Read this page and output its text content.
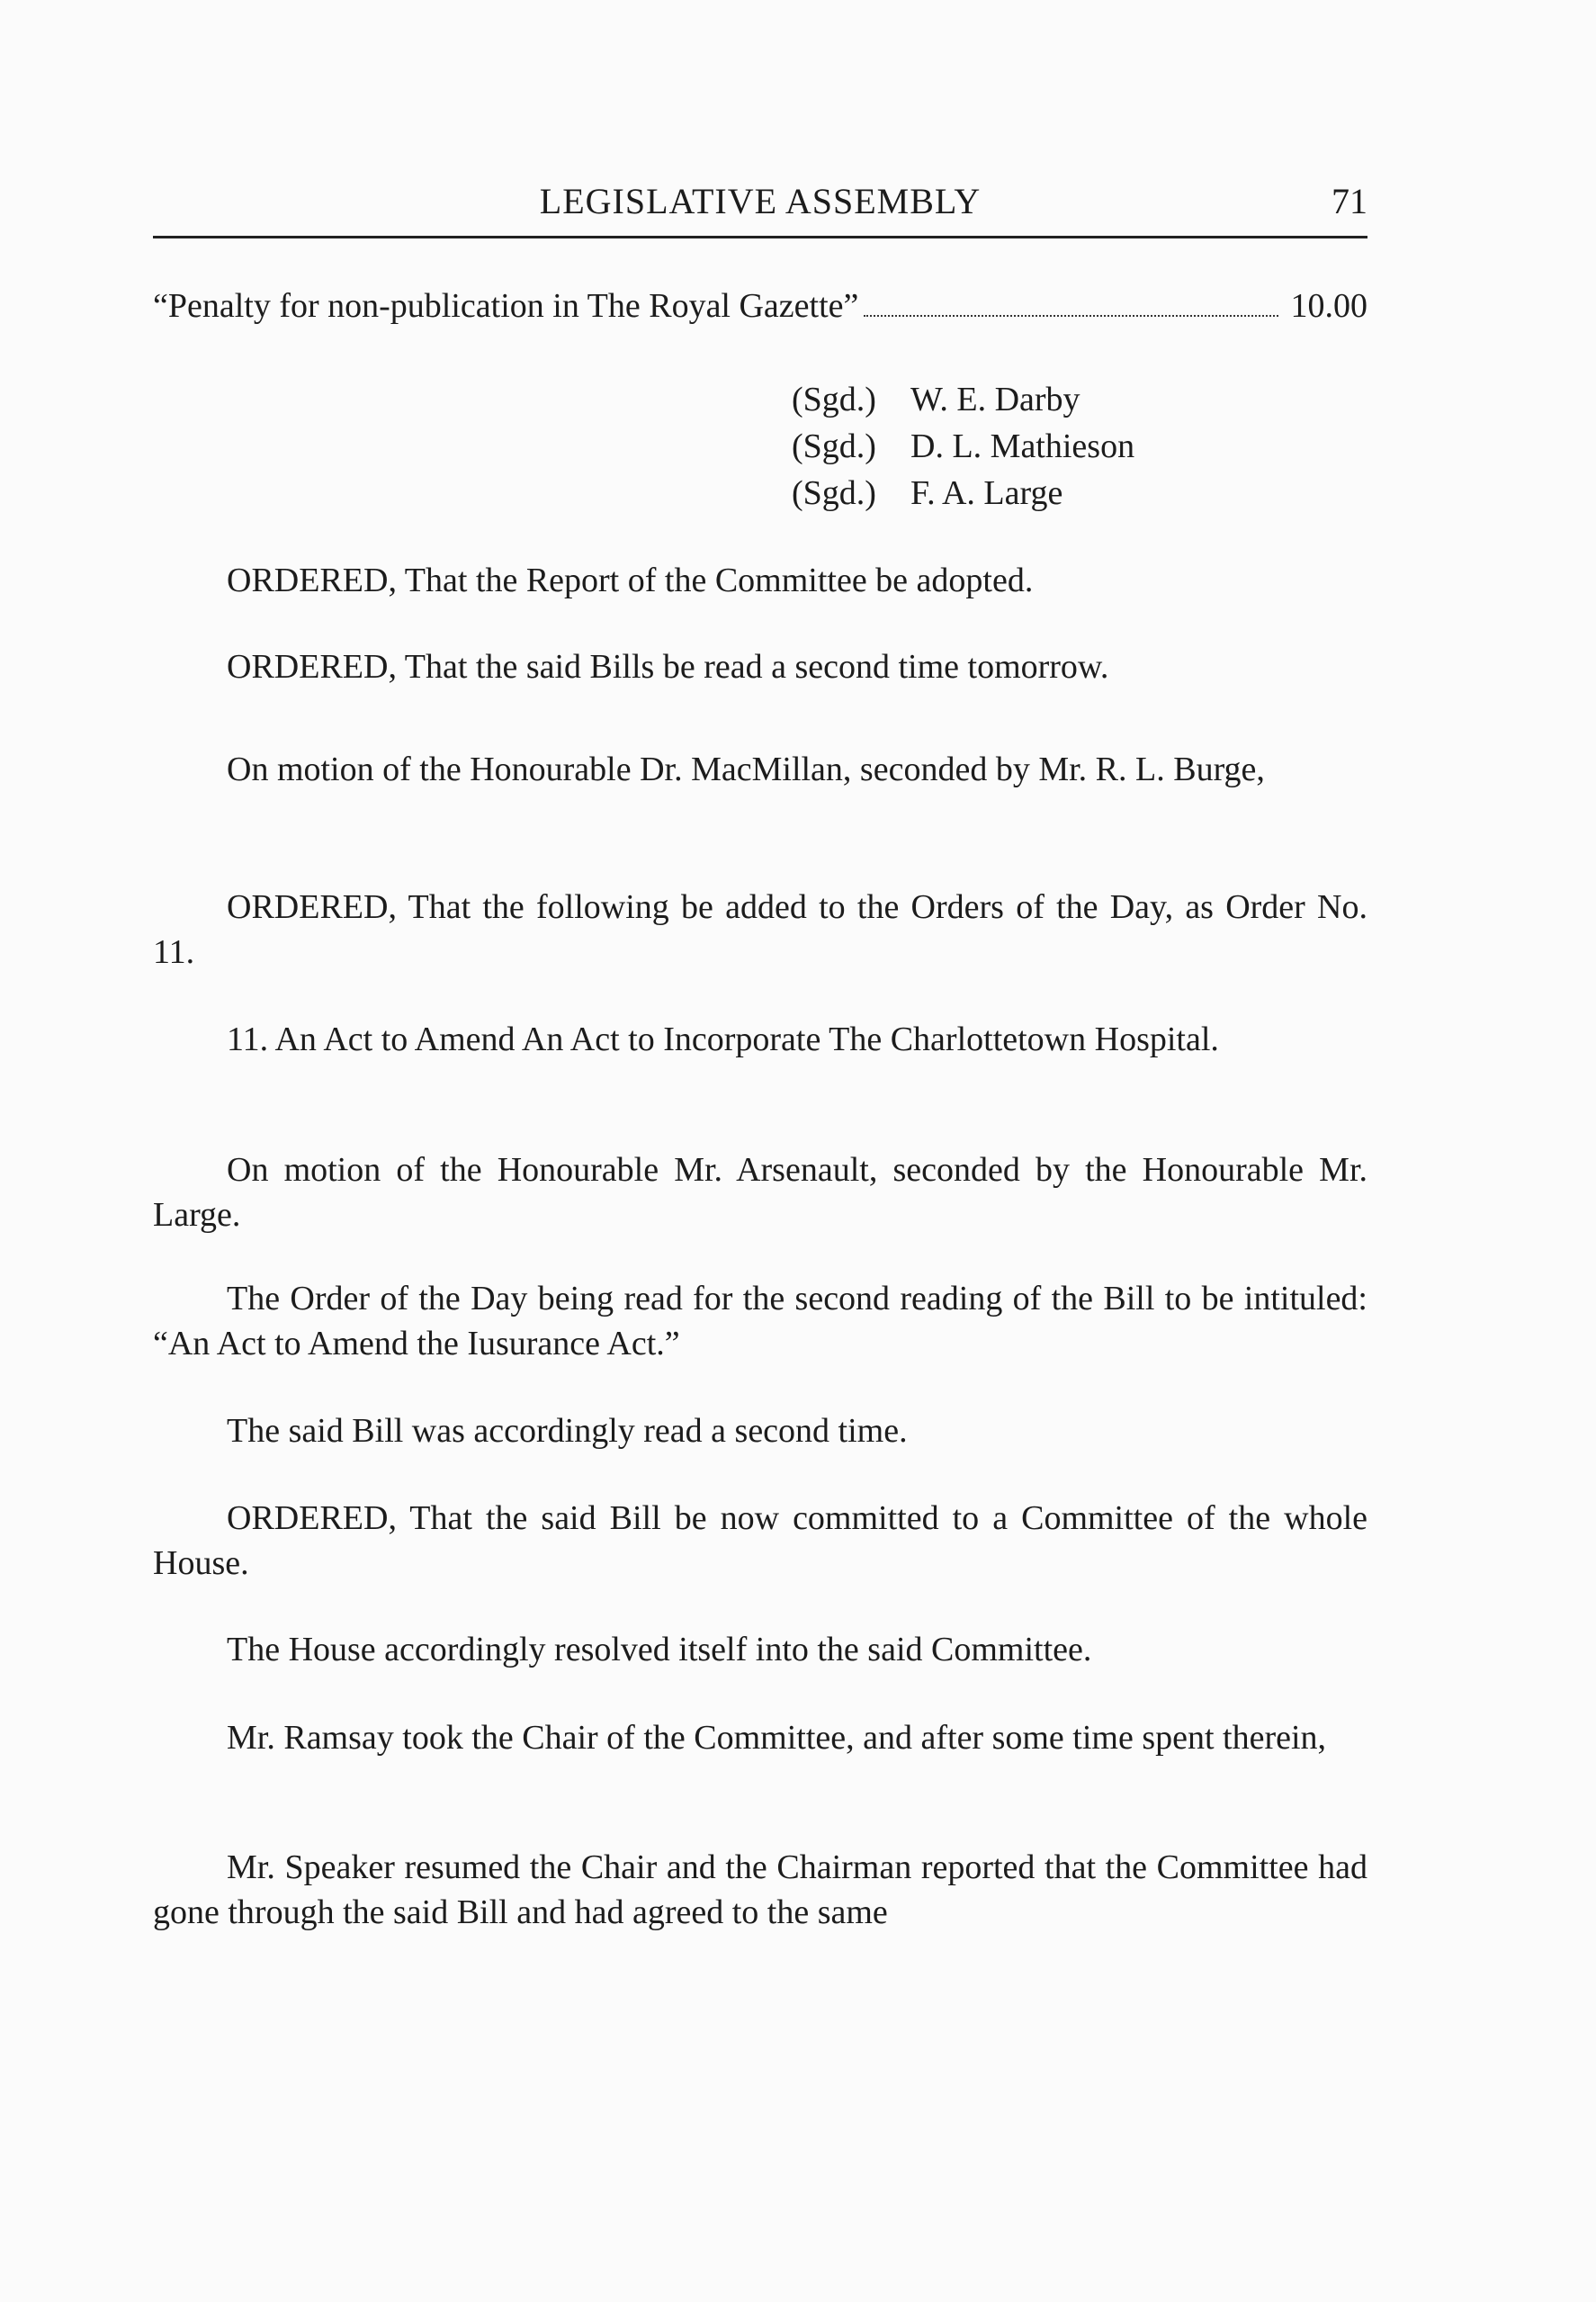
LEGISLATIVE ASSEMBLY	71
“Penalty for non-publication in The Royal Gazette”	10.00
(Sgd.) W. E. Darby
(Sgd.) D. L. Mathieson
(Sgd.) F. A. Large

ORDERED, That the Report of the Committee be adopted.

ORDERED, That the said Bills be read a second time tomorrow.

On motion of the Honourable Dr. MacMillan, seconded by Mr. R. L. Burge,

ORDERED, That the following be added to the Orders of the Day, as Order No. 11.

11. An Act to Amend An Act to Incorporate The Charlottetown Hospital.

On motion of the Honourable Mr. Arsenault, seconded by the Honourable Mr. Large.

The Order of the Day being read for the second reading of the Bill to be intituled: “An Act to Amend the Iusurance Act.”

The said Bill was accordingly read a second time.

ORDERED, That the said Bill be now committed to a Committee of the whole House.

The House accordingly resolved itself into the said Committee.

Mr. Ramsay took the Chair of the Committee, and after some time spent therein,

Mr. Speaker resumed the Chair and the Chairman reported that the Committee had gone through the said Bill and had agreed to the same
